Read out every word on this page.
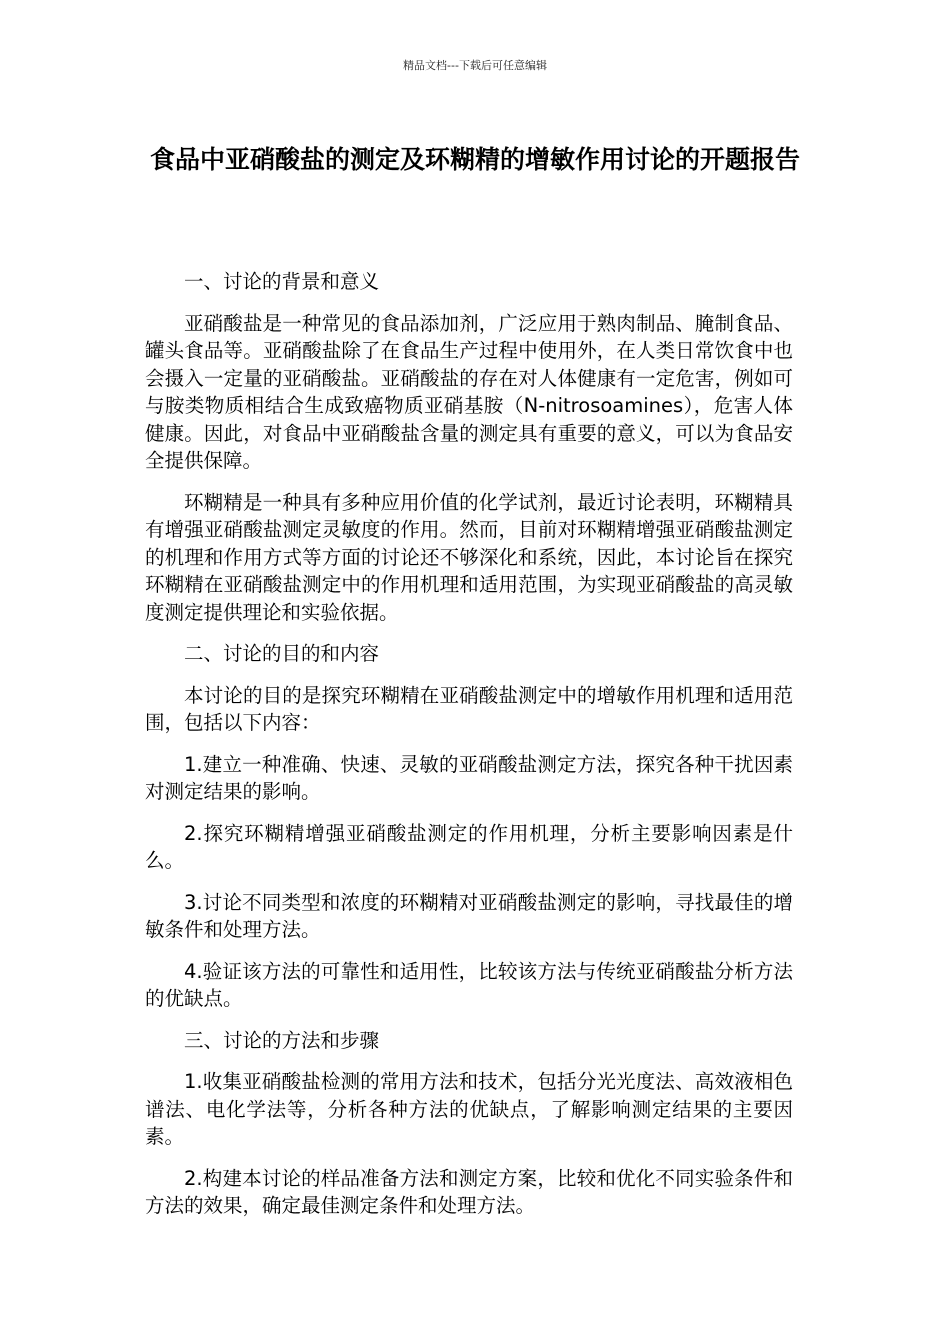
精品文档---下载后可任意编辑
食品中亚硝酸盐的测定及环糊精的增敏作用讨论的开题报告

一、讨论的背景和意义

亚硝酸盐是一种常见的食品添加剂，广泛应用于熟肉制品、腌制食品、罐头食品等。亚硝酸盐除了在食品生产过程中使用外，在人类日常饮食中也会摄入一定量的亚硝酸盐。亚硝酸盐的存在对人体健康有一定危害，例如可与胺类物质相结合生成致癌物质亚硝基胺（N-nitrosoamines），危害人体健康。因此，对食品中亚硝酸盐含量的测定具有重要的意义，可以为食品安全提供保障。

环糊精是一种具有多种应用价值的化学试剂，最近讨论表明，环糊精具有增强亚硝酸盐测定灵敏度的作用。然而，目前对环糊精增强亚硝酸盐测定的机理和作用方式等方面的讨论还不够深化和系统，因此，本讨论旨在探究环糊精在亚硝酸盐测定中的作用机理和适用范围，为实现亚硝酸盐的高灵敏度测定提供理论和实验依据。

二、讨论的目的和内容

本讨论的目的是探究环糊精在亚硝酸盐测定中的增敏作用机理和适用范围，包括以下内容：

1.建立一种准确、快速、灵敏的亚硝酸盐测定方法，探究各种干扰因素对测定结果的影响。

2.探究环糊精增强亚硝酸盐测定的作用机理，分析主要影响因素是什么。

3.讨论不同类型和浓度的环糊精对亚硝酸盐测定的影响，寻找最佳的增敏条件和处理方法。

4.验证该方法的可靠性和适用性，比较该方法与传统亚硝酸盐分析方法的优缺点。

三、讨论的方法和步骤

1.收集亚硝酸盐检测的常用方法和技术，包括分光光度法、高效液相色谱法、电化学法等，分析各种方法的优缺点，了解影响测定结果的主要因素。

2.构建本讨论的样品准备方法和测定方案，比较和优化不同实验条件和方法的效果，确定最佳测定条件和处理方法。
